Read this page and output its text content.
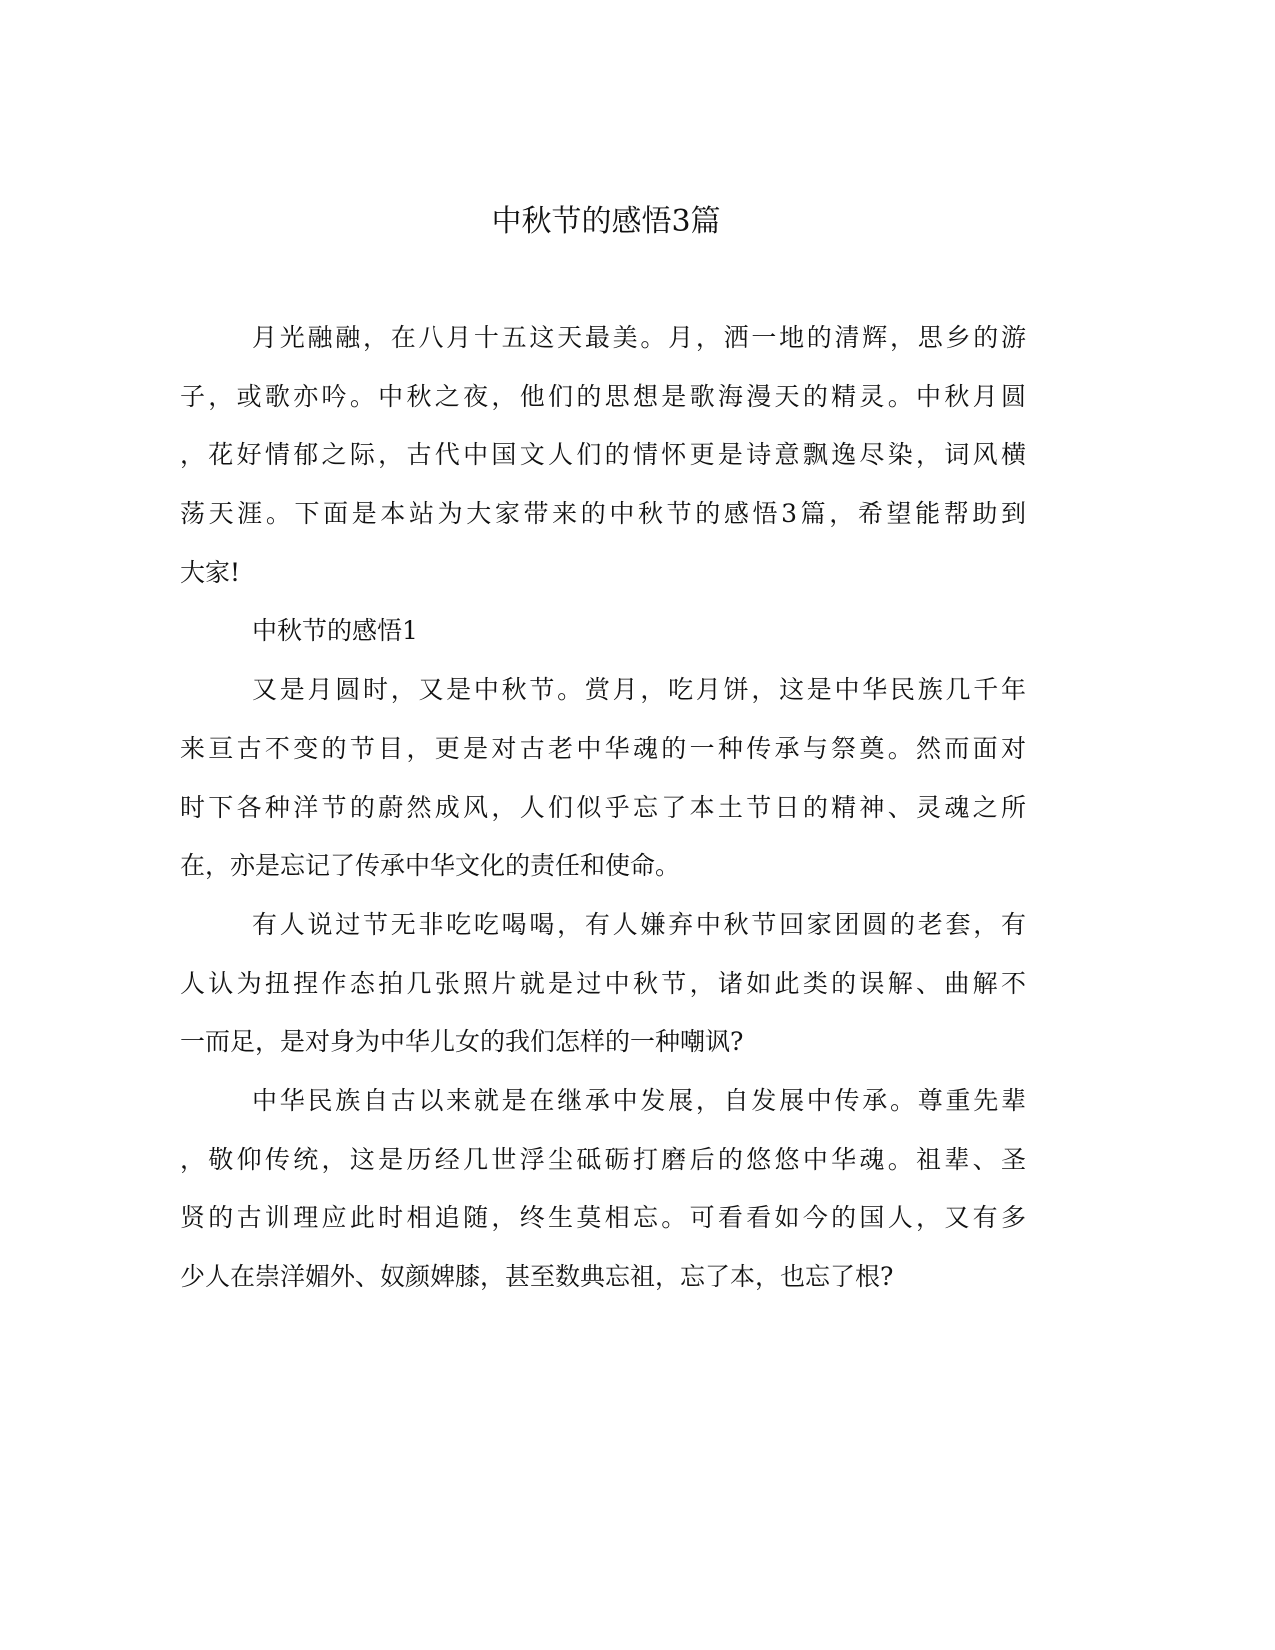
中秋节的感悟3篇
月光融融，在八月十五这天最美。月，洒一地的清辉，思乡的游
子，或歌亦吟。中秋之夜，他们的思想是歌海漫天的精灵。中秋月圆
，花好情郁之际，古代中国文人们的情怀更是诗意飘逸尽染，词风横
荡天涯。下面是本站为大家带来的中秋节的感悟3篇，希望能帮助到
大家!
中秋节的感悟1
又是月圆时，又是中秋节。赏月，吃月饼，这是中华民族几千年
来亘古不变的节目，更是对古老中华魂的一种传承与祭奠。然而面对
时下各种洋节的蔚然成风，人们似乎忘了本土节日的精神、灵魂之所
在，亦是忘记了传承中华文化的责任和使命。
有人说过节无非吃吃喝喝，有人嫌弃中秋节回家团圆的老套，有
人认为扭捏作态拍几张照片就是过中秋节，诸如此类的误解、曲解不
一而足，是对身为中华儿女的我们怎样的一种嘲讽?
中华民族自古以来就是在继承中发展，自发展中传承。尊重先辈
，敬仰传统，这是历经几世浮尘砥砺打磨后的悠悠中华魂。祖辈、圣
贤的古训理应此时相追随，终生莫相忘。可看看如今的国人，又有多
少人在崇洋媚外、奴颜婢膝，甚至数典忘祖，忘了本，也忘了根?
